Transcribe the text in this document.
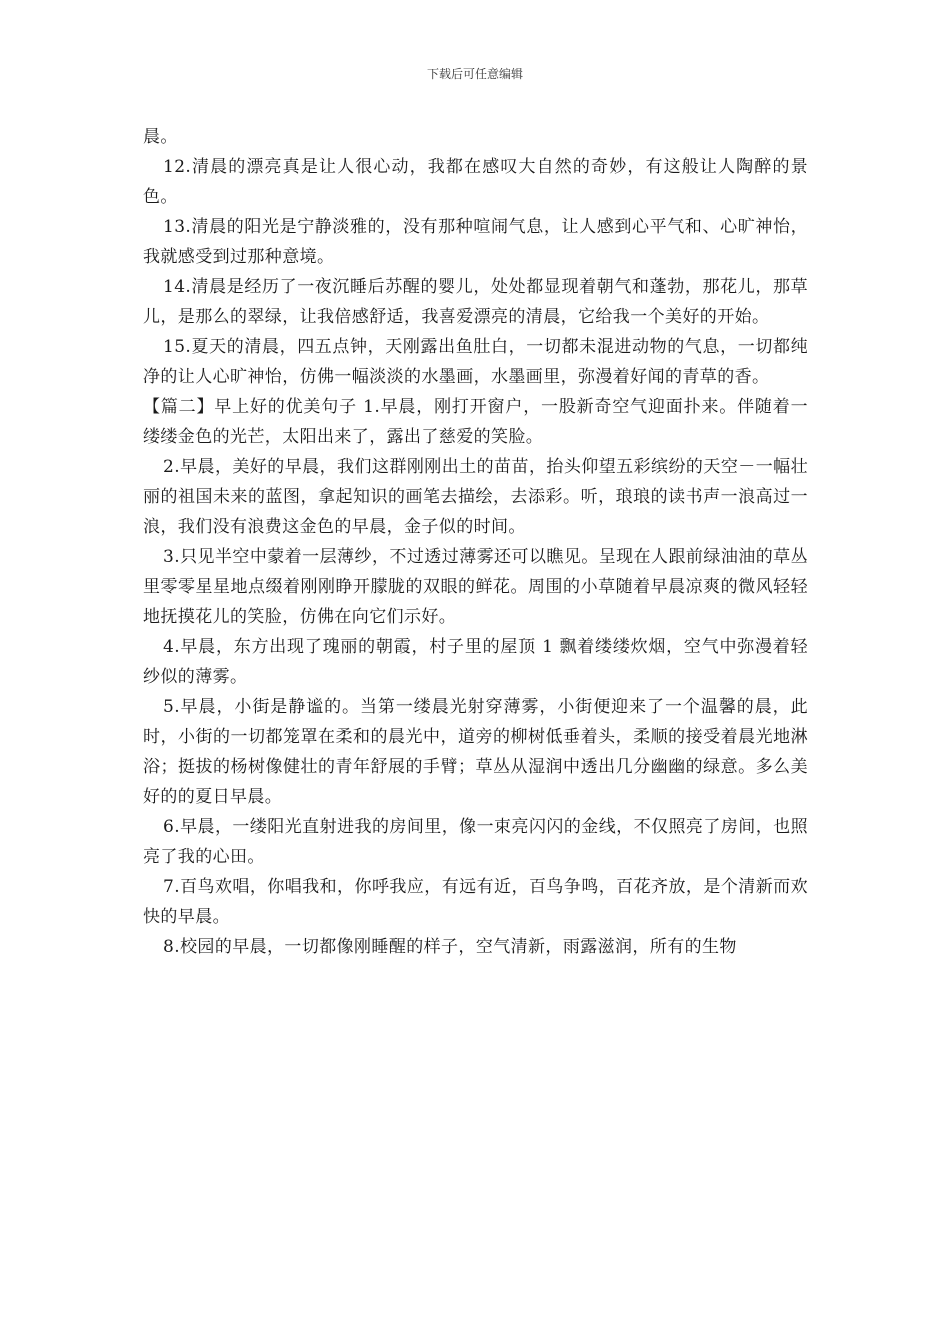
下载后可任意编辑

晨。

12.清晨的漂亮真是让人很心动，我都在感叹大自然的奇妙，有这般让人陶醉的景色。

13.清晨的阳光是宁静淡雅的，没有那种喧闹气息，让人感到心平气和、心旷神怡，我就感受到过那种意境。

14.清晨是经历了一夜沉睡后苏醒的婴儿，处处都显现着朝气和蓬勃，那花儿，那草儿，是那么的翠绿，让我倍感舒适，我喜爱漂亮的清晨，它给我一个美好的开始。

15.夏天的清晨，四五点钟，天刚露出鱼肚白，一切都未混进动物的气息，一切都纯净的让人心旷神怡，仿佛一幅淡淡的水墨画，水墨画里，弥漫着好闻的青草的香。

【篇二】早上好的优美句子 1.早晨，刚打开窗户，一股新奇空气迎面扑来。伴随着一缕缕金色的光芒，太阳出来了，露出了慈爱的笑脸。

2.早晨，美好的早晨，我们这群刚刚出土的苗苗，抬头仰望五彩缤纷的天空－一幅壮丽的祖国未来的蓝图，拿起知识的画笔去描绘，去添彩。听，琅琅的读书声一浪高过一浪，我们没有浪费这金色的早晨，金子似的时间。

3.只见半空中蒙着一层薄纱，不过透过薄雾还可以瞧见。呈现在人跟前绿油油的草丛里零零星星地点缀着刚刚睁开朦胧的双眼的鲜花。周围的小草随着早晨凉爽的微风轻轻地抚摸花儿的笑脸，仿佛在向它们示好。

4.早晨，东方出现了瑰丽的朝霞，村子里的屋顶 1 飘着缕缕炊烟，空气中弥漫着轻纱似的薄雾。

5.早晨，小街是静谧的。当第一缕晨光射穿薄雾，小街便迎来了一个温馨的晨，此时，小街的一切都笼罩在柔和的晨光中，道旁的柳树低垂着头，柔顺的接受着晨光地淋浴；挺拔的杨树像健壮的青年舒展的手臂；草丛从湿润中透出几分幽幽的绿意。多么美好的的夏日早晨。

6.早晨，一缕阳光直射进我的房间里，像一束亮闪闪的金线，不仅照亮了房间，也照亮了我的心田。

7.百鸟欢唱，你唱我和，你呼我应，有远有近，百鸟争鸣，百花齐放，是个清新而欢快的早晨。

8.校园的早晨，一切都像刚睡醒的样子，空气清新，雨露滋润，所有的生物
